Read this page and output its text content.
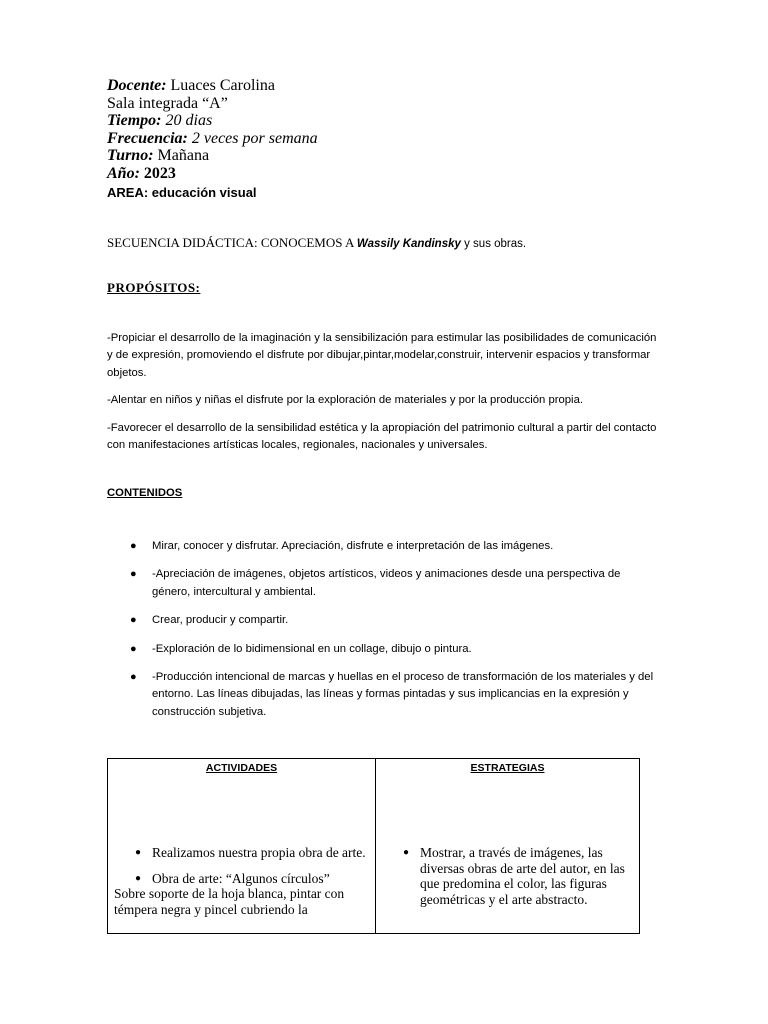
Docente: Luaces Carolina

Sala integrada “A”

Tiempo: 20 dias

Frecuencia: 2 veces por semana

Turno: Mañana

Año: 2023

AREA: educación visual
SECUENCIA DIDÁCTICA: CONOCEMOS A Wassily Kandinsky y sus obras.
PROPÓSITOS:

-Propiciar el desarrollo de la imaginación y la sensibilización para estimular las posibilidades de comunicación y de expresión, promoviendo el disfrute por dibujar,pintar,modelar,construir, intervenir espacios y transformar objetos.

-Alentar en niños y niñas el disfrute por la exploración de materiales y por la producción propia.

-Favorecer el desarrollo de la sensibilidad estética y la apropiación del patrimonio cultural a partir del contacto con manifestaciones artísticas locales, regionales, nacionales y universales.

CONTENIDOS
● Mirar, conocer y disfrutar. Apreciación, disfrute e interpretación de las imágenes.
● -Apreciación de imágenes, objetos artísticos, videos y animaciones desde una perspectiva de género, intercultural y ambiental.
● Crear, producir y compartir.
● -Exploración de lo bidimensional en un collage, dibujo o pintura.
● -Producción intencional de marcas y huellas en el proceso de transformación de los materiales y del entorno. Las líneas dibujadas, las líneas y formas pintadas y sus implicancias en la expresión y construcción subjetiva.
ACTIVIDADES
● Realizamos nuestra propia obra de arte.
● Obra de arte: “Algunos círculos”
Sobre soporte de la hoja blanca, pintar con témpera negra y pincel cubriendo la
ESTRATEGIAS
● Mostrar, a través de imágenes, las diversas obras de arte del autor, en las que predomina el color, las figuras geométricas y el arte abstracto.
